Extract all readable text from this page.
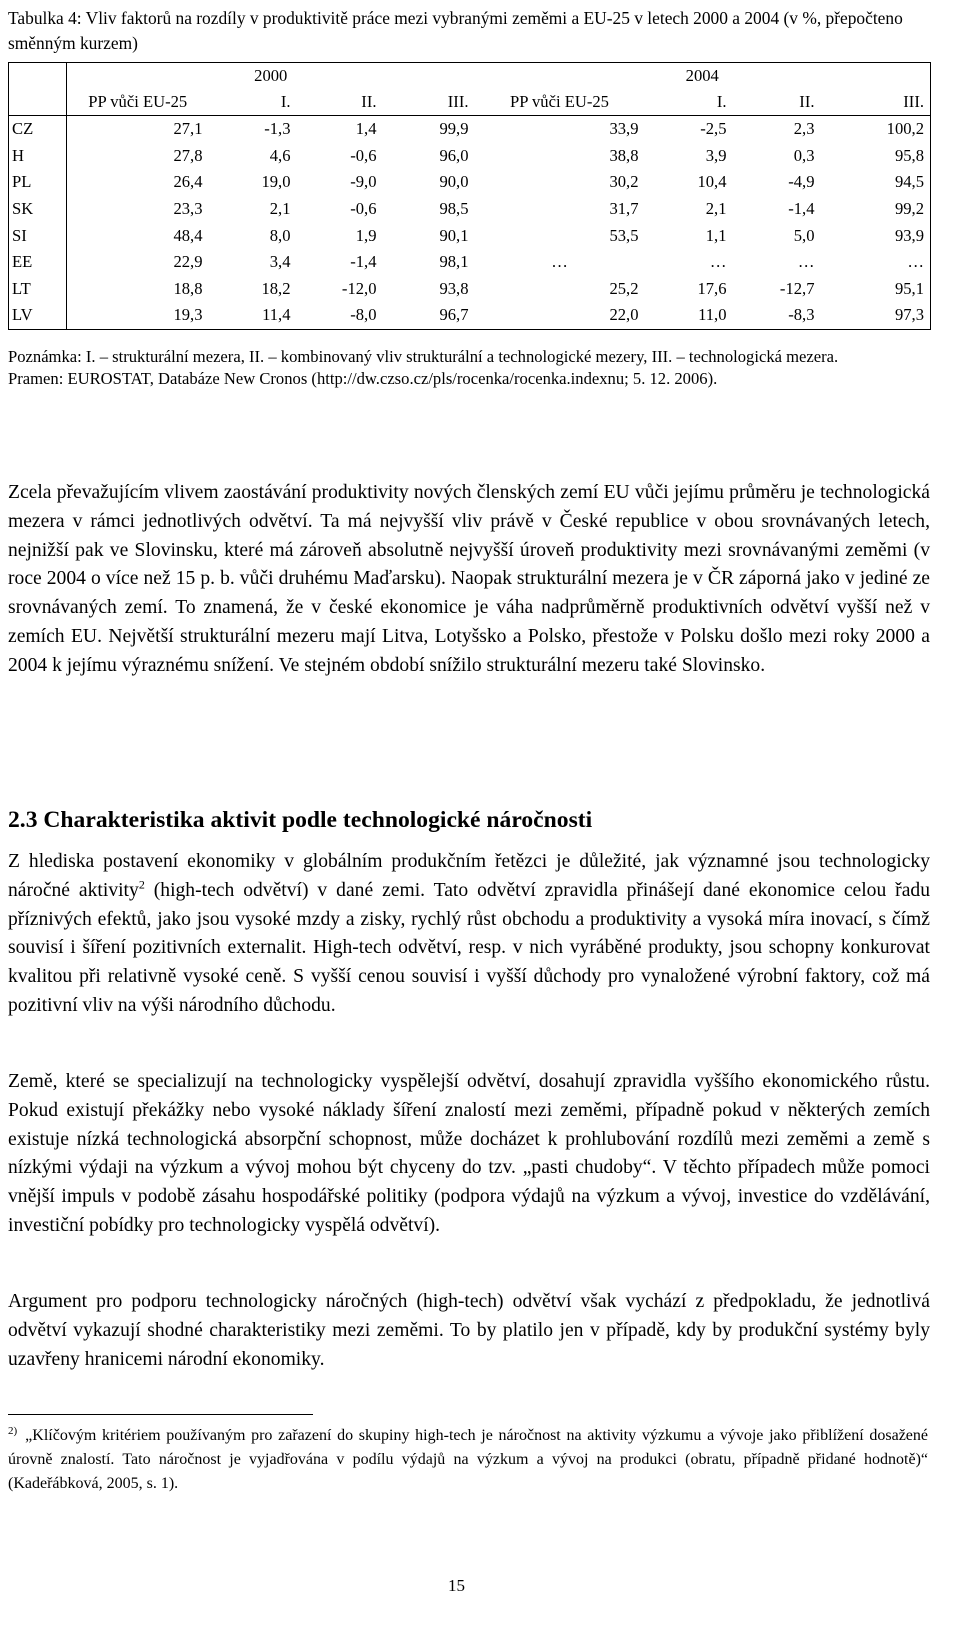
Tabulka 4: Vliv faktorů na rozdíly v produktivitě práce mezi vybranými zeměmi a EU-25 v letech 2000 a 2004 (v %, přepočteno směnným kurzem)
	2000				2004			
	PP vůči EU-25	I.	II.	III.	PP vůči EU-25	I.	II.	III.
CZ	27,1	-1,3	1,4	99,9	33,9	-2,5	2,3	100,2
H	27,8	4,6	-0,6	96,0	38,8	3,9	0,3	95,8
PL	26,4	19,0	-9,0	90,0	30,2	10,4	-4,9	94,5
SK	23,3	2,1	-0,6	98,5	31,7	2,1	-1,4	99,2
SI	48,4	8,0	1,9	90,1	53,5	1,1	5,0	93,9
EE	22,9	3,4	-1,4	98,1	…	…	…	…
LT	18,8	18,2	-12,0	93,8	25,2	17,6	-12,7	95,1
LV	19,3	11,4	-8,0	96,7	22,0	11,0	-8,3	97,3

Poznámka: I. – strukturální mezera, II. – kombinovaný vliv strukturální a technologické mezery, III. – technologická mezera.

Pramen: EUROSTAT, Databáze New Cronos (http://dw.czso.cz/pls/rocenka/rocenka.indexnu; 5. 12. 2006).

Zcela převažujícím vlivem zaostávání produktivity nových členských zemí EU vůči jejímu průměru je technologická mezera v rámci jednotlivých odvětví. Ta má nejvyšší vliv právě v České republice v obou srovnávaných letech, nejnižší pak ve Slovinsku, které má zároveň absolutně nejvyšší úroveň produktivity mezi srovnávanými zeměmi (v roce 2004 o více než 15 p. b. vůči druhému Maďarsku). Naopak strukturální mezera je v ČR záporná jako v jediné ze srovnávaných zemí. To znamená, že v české ekonomice je váha nadprůměrně produktivních odvětví vyšší než v zemích EU. Největší strukturální mezeru mají Litva, Lotyšsko a Polsko, přestože v Polsku došlo mezi roky 2000 a 2004 k jejímu výraznému snížení. Ve stejném období snížilo strukturální mezeru také Slovinsko.

2.3 Charakteristika aktivit podle technologické náročnosti

Z hlediska postavení ekonomiky v globálním produkčním řetězci je důležité, jak významné jsou technologicky náročné aktivity$^2$ (high-tech odvětví) v dané zemi. Tato odvětví zpravidla přinášejí dané ekonomice celou řadu příznivých efektů, jako jsou vysoké mzdy a zisky, rychlý růst obchodu a produktivity a vysoká míra inovací, s čímž souvisí i šíření pozitivních externalit. High-tech odvětví, resp. v nich vyráběné produkty, jsou schopny konkurovat kvalitou při relativně vysoké ceně. S vyšší cenou souvisí i vyšší důchody pro vynaložené výrobní faktory, což má pozitivní vliv na výši národního důchodu.

Země, které se specializují na technologicky vyspělejší odvětví, dosahují zpravidla vyššího ekonomického růstu. Pokud existují překážky nebo vysoké náklady šíření znalostí mezi zeměmi, případně pokud v některých zemích existuje nízká technologická absorpční schopnost, může docházet k prohlubování rozdílů mezi zeměmi a země s nízkými výdaji na výzkum a vývoj mohou být chyceny do tzv. „pasti chudoby“. V těchto případech může pomoci vnější impuls v podobě zásahu hospodářské politiky (podpora výdajů na výzkum a vývoj, investice do vzdělávání, investiční pobídky pro technologicky vyspělá odvětví).

Argument pro podporu technologicky náročných (high-tech) odvětví však vychází z předpokladu, že jednotlivá odvětví vykazují shodné charakteristiky mezi zeměmi. To by platilo jen v případě, kdy by produkční systémy byly uzavřeny hranicemi národní ekonomiky.

$^{2)}$ „Klíčovým kritériem používaným pro zařazení do skupiny high-tech je náročnost na aktivity výzkumu a vývoje jako přiblížení dosažené úrovně znalostí. Tato náročnost je vyjadřována v podílu výdajů na výzkum a vývoj na produkci (obratu, případně přidané hodnotě)“ (Kadeřábková, 2005, s. 1).

15
